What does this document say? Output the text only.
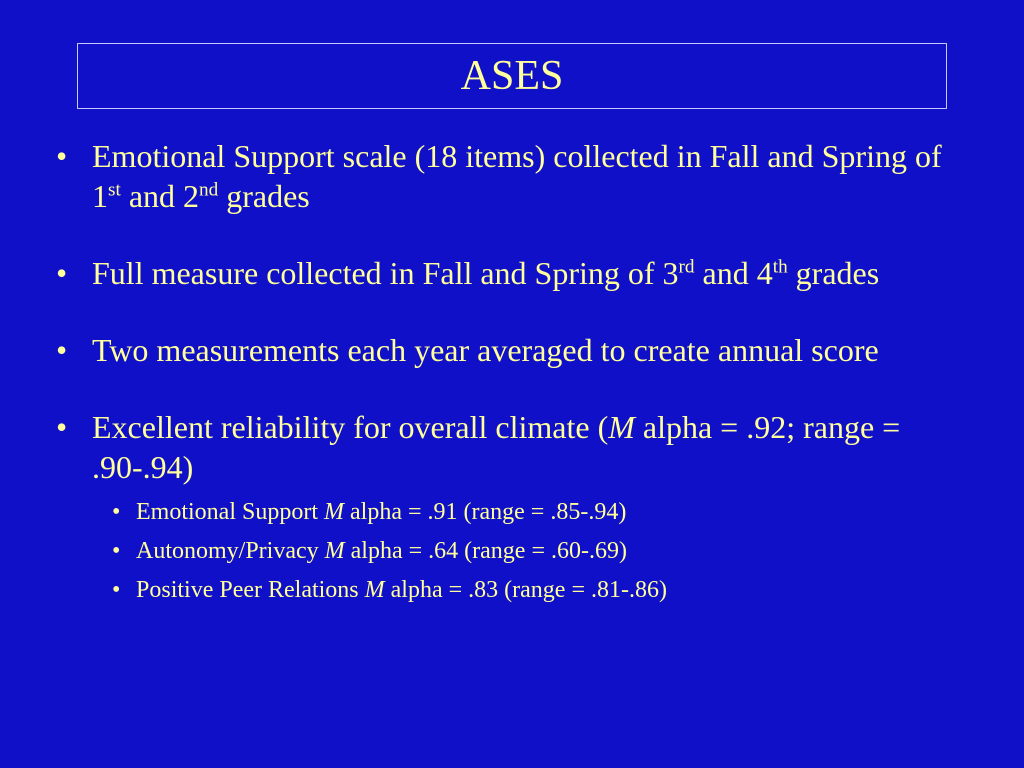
ASES
• Emotional Support scale (18 items) collected in Fall and Spring of 1st and 2nd grades
• Full measure collected in Fall and Spring of 3rd and 4th grades
• Two measurements each year averaged to create annual score
• Excellent reliability for overall climate (M alpha = .92; range = .90-.94)
• Emotional Support M alpha = .91 (range = .85-.94)
• Autonomy/Privacy M alpha = .64 (range = .60-.69)
• Positive Peer Relations M alpha = .83 (range = .81-.86)
